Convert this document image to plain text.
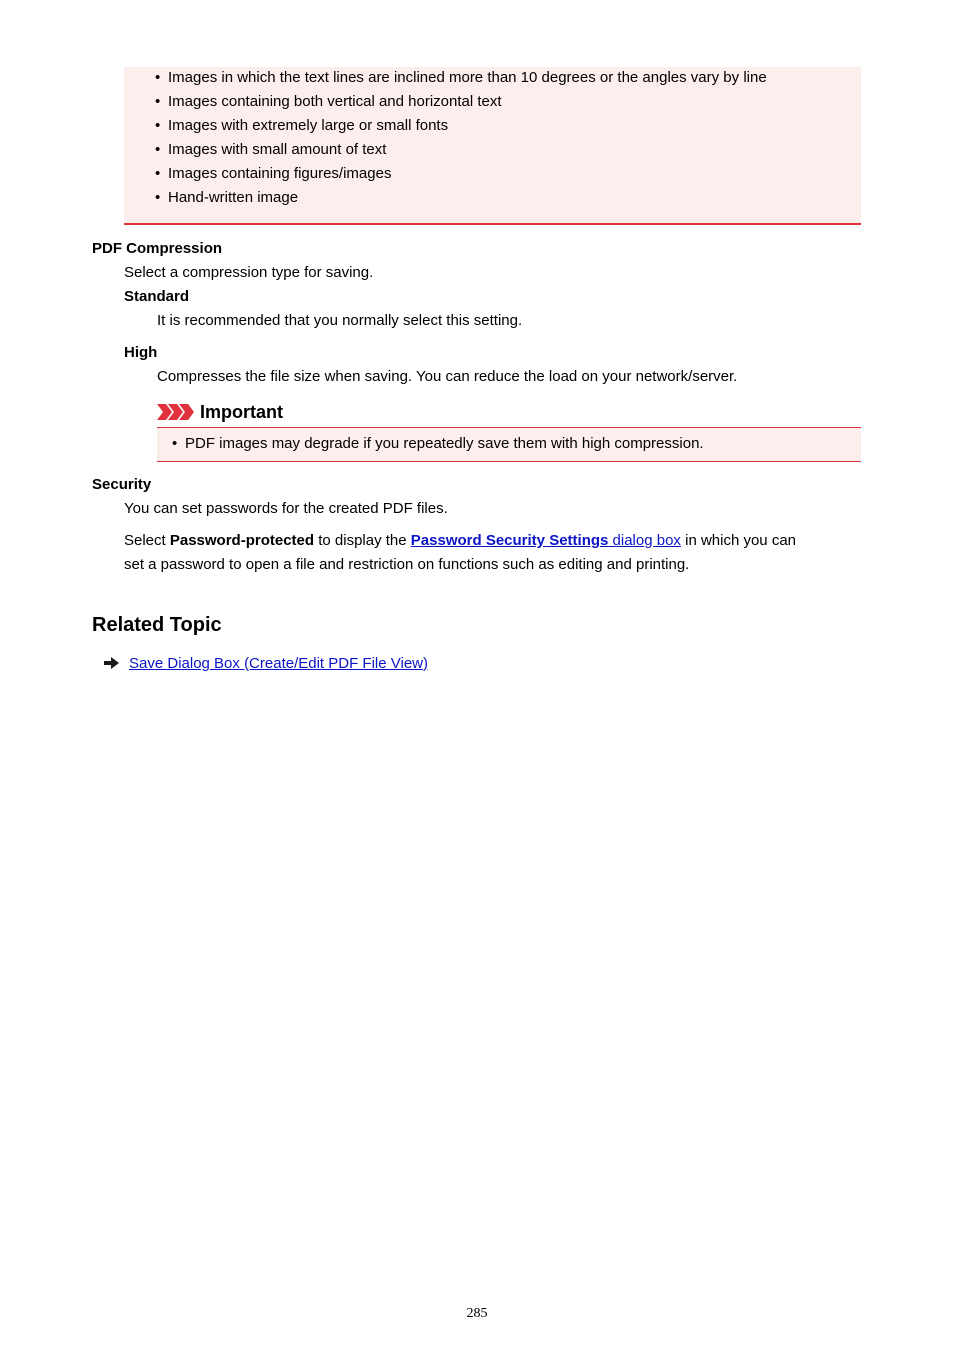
• Images in which the text lines are inclined more than 10 degrees or the angles vary by line
• Images containing both vertical and horizontal text
• Images with extremely large or small fonts
• Images with small amount of text
• Images containing figures/images
• Hand-written image
PDF Compression
Select a compression type for saving.
Standard
It is recommended that you normally select this setting.
High
Compresses the file size when saving. You can reduce the load on your network/server.
Important
• PDF images may degrade if you repeatedly save them with high compression.
Security
You can set passwords for the created PDF files.
Select Password-protected to display the Password Security Settings dialog box in which you can
set a password to open a file and restriction on functions such as editing and printing.
Related Topic
Save Dialog Box (Create/Edit PDF File View)
285
